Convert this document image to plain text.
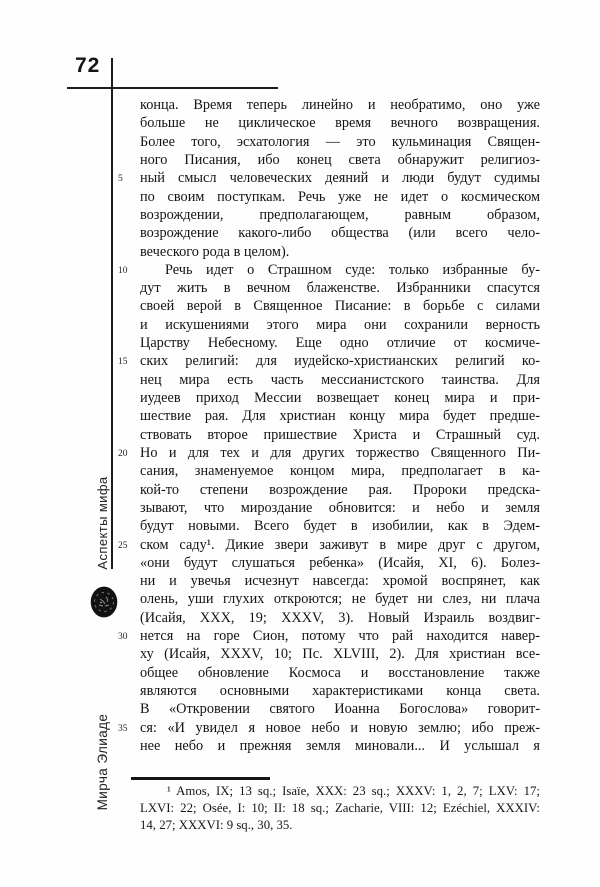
72
Аспекты мифа
Мирча Элиаде
конца. Время теперь линейно и необратимо, оно уже
больше не циклическое время вечного возвращения.
Более того, эсхатология — это кульминация Священ-
ного Писания, ибо конец света обнаружит религиоз-
5	ный смысл человеческих деяний и люди будут судимы
по своим поступкам. Речь уже не идет о космическом
возрождении, предполагающем, равным образом,
возрождение какого-либо общества (или всего чело-
веческого рода в целом).
10	Речь идет о Страшном суде: только избранные бу-
дут жить в вечном блаженстве. Избранники спасутся
своей верой в Священное Писание: в борьбе с силами
и искушениями этого мира они сохранили верность
Царству Небесному. Еще одно отличие от космиче-
15 ских религий: для иудейско-христианских религий ко-
нец мира есть часть мессианистского таинства. Для
иудеев приход Мессии возвещает конец мира и при-
шествие рая. Для христиан концу мира будет предше-
ствовать второе пришествие Христа и Страшный суд.
20 Но и для тех и для других торжество Священного Пи-
сания, знаменуемое концом мира, предполагает в ка-
кой-то степени возрождение рая. Пророки предска-
зывают, что мироздание обновится: и небо и земля
будут новыми. Всего будет в изобилии, как в Эдем-
25 ском саду¹. Дикие звери заживут в мире друг с другом,
«они будут слушаться ребенка» (Исайя, XI, 6). Болез-
ни и увечья исчезнут навсегда: хромой воспрянет, как
олень, уши глухих откроются; не будет ни слез, ни плача
(Исайя, XXX, 19; XXXV, 3). Новый Израиль воздвиг-
30 нется на горе Сион, потому что рай находится навер-
ху (Исайя, XXXV, 10; Пс. XLVIII, 2). Для христиан все-
общее обновление Космоса и восстановление также
являются основными характеристиками конца света.
В «Откровении святого Иоанна Богослова» говорит-
35 ся: «И увидел я новое небо и новую землю; ибо преж-
нее небо и прежняя земля миновали... И услышал я
¹ Amos, IX; 13 sq.; Isaïe, XXX: 23 sq.; XXXV: 1, 2, 7; LXV: 17;
LXVI: 22; Osée, I: 10; II: 18 sq.; Zacharie, VIII: 12; Ezéchiel, XXXIV:
14, 27; XXXVI: 9 sq., 30, 35.
